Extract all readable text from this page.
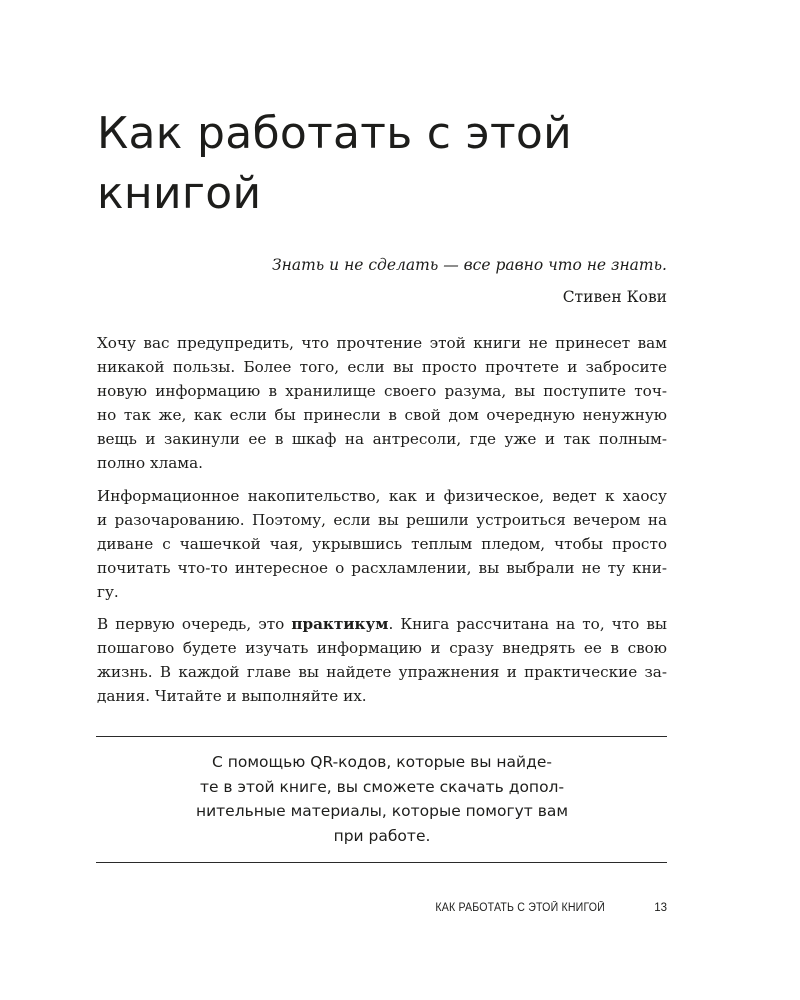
Как работать с этой
книгой
Знать и не сделать — все равно что не знать.
Стивен Кови

Хочу вас предупредить, что прочтение этой книги не принесет вам
никакой пользы. Более того, если вы просто прочтете и забросите
новую информацию в хранилище своего разума, вы поступите точ-
но так же, как если бы принесли в свой дом очередную ненужную
вещь и закинули ее в шкаф на антресоли, где уже и так полным-
полно хлама.

Информационное накопительство, как и физическое, ведет к хаосу
и разочарованию. Поэтому, если вы решили устроиться вечером на
диване с чашечкой чая, укрывшись теплым пледом, чтобы просто
почитать что-то интересное о расхламлении, вы выбрали не ту кни-
гу.

В первую очередь, это практикум. Книга рассчитана на то, что вы
пошагово будете изучать информацию и сразу внедрять ее в свою
жизнь. В каждой главе вы найдете упражнения и практические за-
дания. Читайте и выполняйте их.

С помощью QR-кодов, которые вы найде-
те в этой книге, вы сможете скачать допол-
нительные материалы, которые помогут вам
при работе.
КАК РАБОТАТЬ С ЭТОЙ КНИГОЙ	13
